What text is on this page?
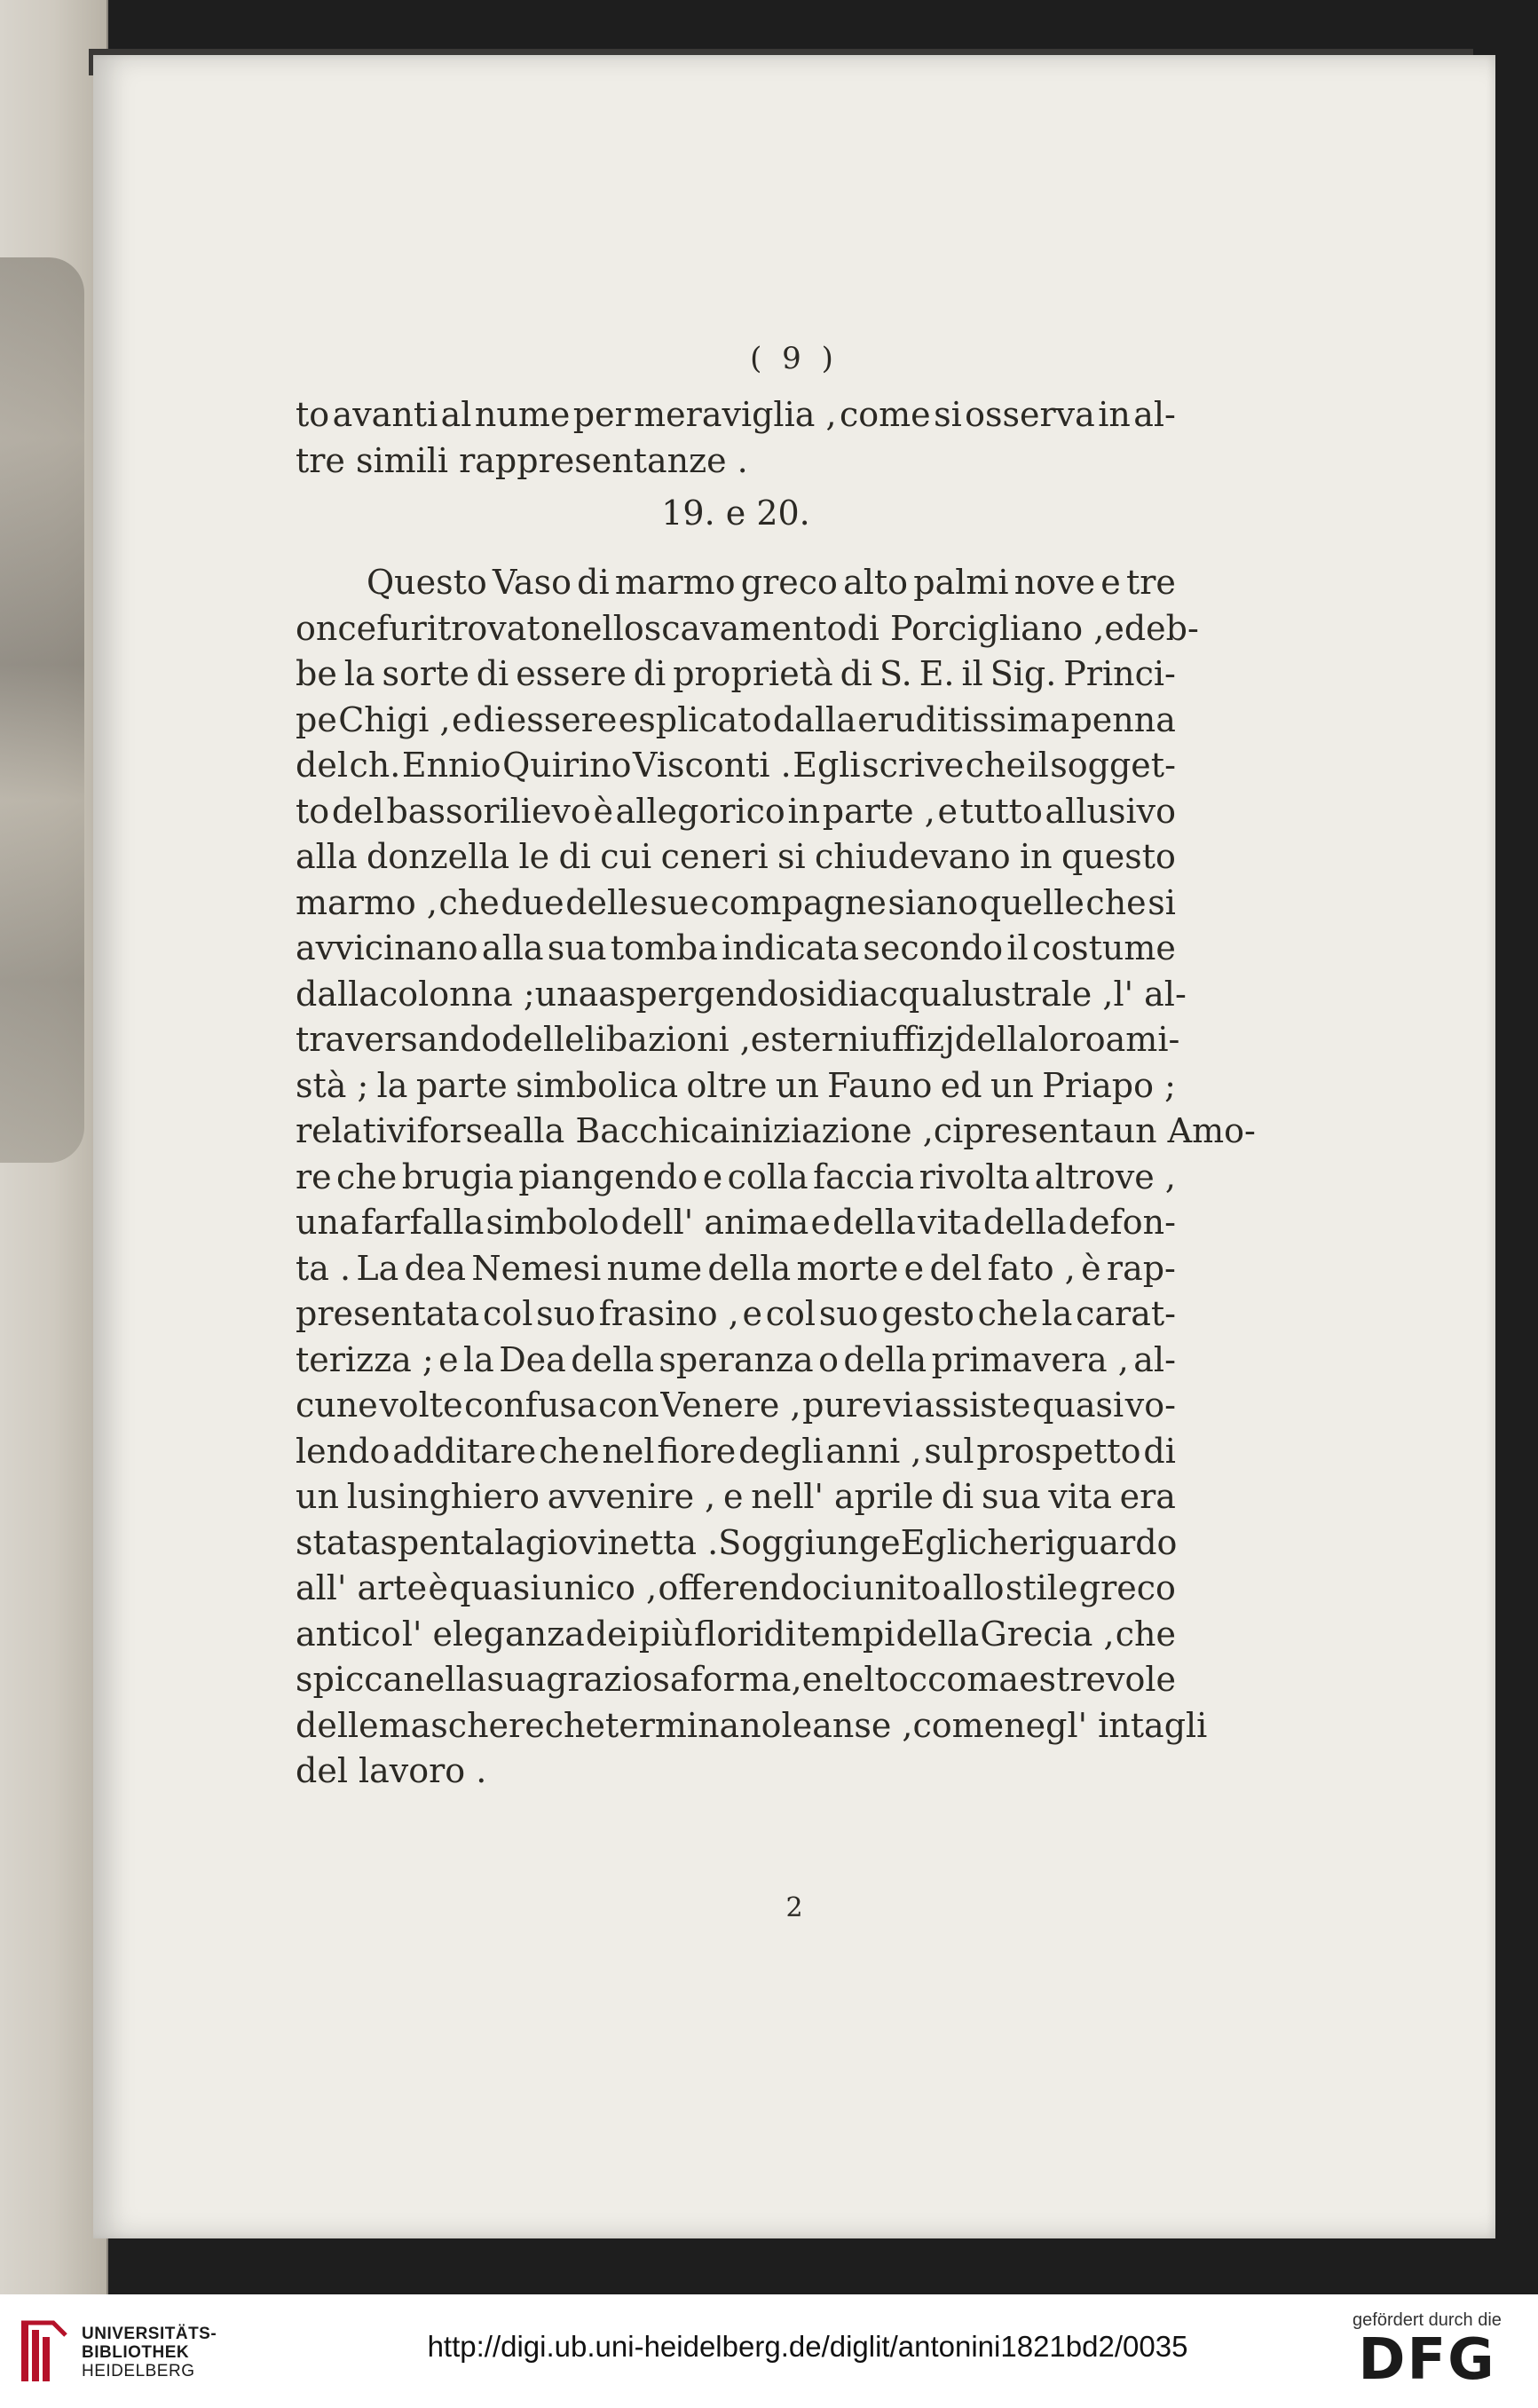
( 9 )
to avanti al nume per meraviglia , come si osserva in al-
tre simili rappresentanze .
19. e 20.
Questo Vaso di marmo greco alto palmi nove e tre
once fu ritrovato nello scavamento di Porcigliano , ed eb-
be la sorte di essere di proprietà di S. E. il Sig. Princi-
pe Chigi , e di essere esplicato dalla eruditissima penna
del ch. Ennio Quirino Visconti . Egli scrive che il sogget-
to del bassorilievo è allegorico in parte , e tutto allusivo
alla donzella le di cui ceneri si chiudevano in questo
marmo , che due delle sue compagne siano quelle che si
avvicinano alla sua tomba indicata secondo il costume
dalla colonna ; una aspergendosi di acqua lustrale , l' al-
tra versando delle libazioni , esterni uffizj della loro ami-
stà ; la parte simbolica oltre un Fauno ed un Priapo ;
relativi forse alla Bacchica iniziazione , ci presenta un Amo-
re che brugia piangendo e colla faccia rivolta altrove ,
una farfalla simbolo dell' anima e della vita della defon-
ta . La dea Nemesi nume della morte e del fato , è rap-
presentata col suo frasino , e col suo gesto che la carat-
terizza ; e la Dea della speranza o della primavera , al-
cune volte confusa con Venere , pure vi assiste quasi vo-
lendo additare che nel fiore degli anni , sul prospetto di
un lusinghiero avvenire , e nell' aprile di sua vita era
stata spenta la giovinetta . Soggiunge Egli che riguardo
all' arte è quasi unico , offerendoci unito allo stile greco
antico l' eleganza dei più floridi tempi della Grecia , che
spicca nella sua graziosa forma , e nel tocco maestrevole
delle maschere che terminano le anse , come negl' intagli
del lavoro .
2
UNIVERSITÄTS-
BIBLIOTHEK
HEIDELBERG
http://digi.ub.uni-heidelberg.de/diglit/antonini1821bd2/0035
gefördert durch die
DFG
